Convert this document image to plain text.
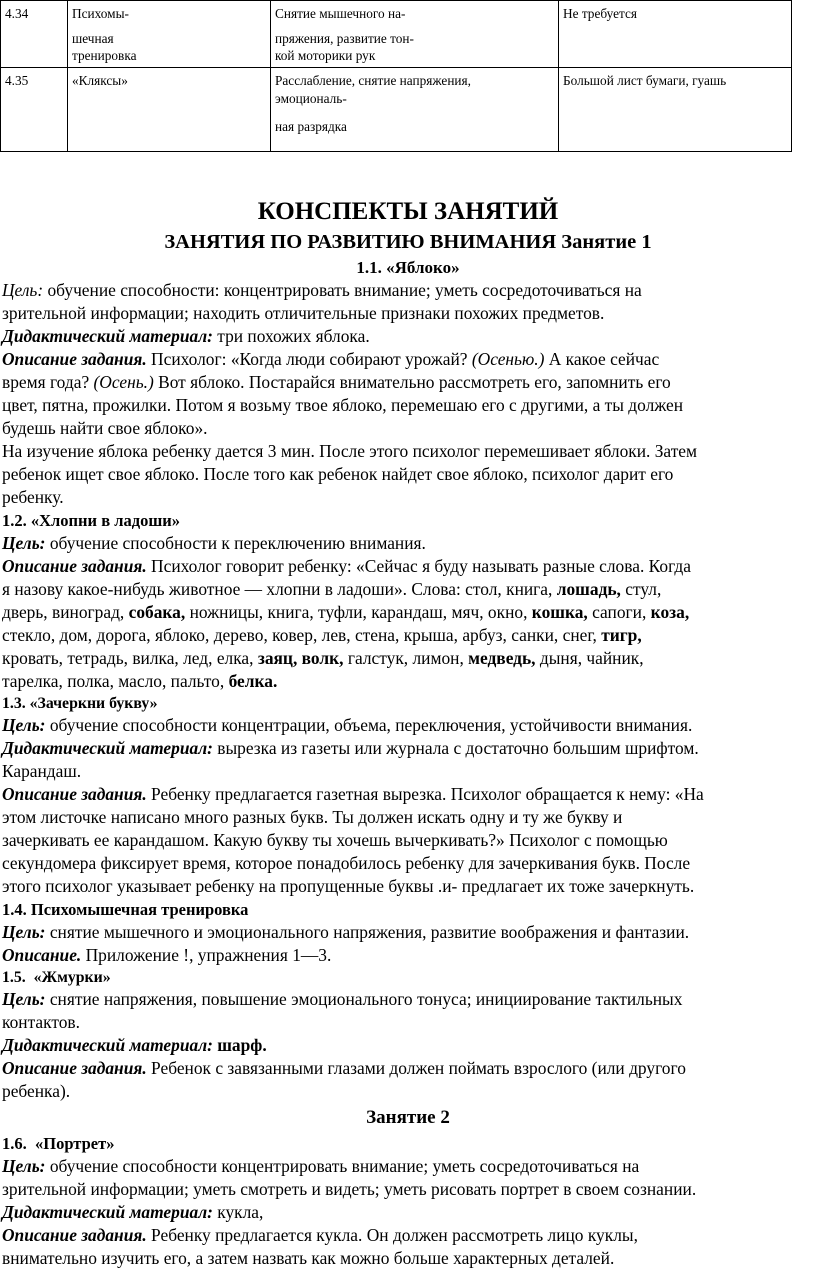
4.34	Психомы-
шечная
тренировка	Снятие мышечного на-
пряжения, развитие тон-
кой моторики рук	Не требуется
4.35	«Кляксы»	Расслабление, снятие напряжения,
эмоциональ-
ная разрядка	Большой лист бумаги, гуашь
КОНСПЕКТЫ ЗАНЯТИЙ
ЗАНЯТИЯ ПО РАЗВИТИЮ ВНИМАНИЯ Занятие 1
1.1. «Яблоко»
Цель: обучение способности: концентрировать внимание; уметь сосредоточиваться на
зрительной информации; находить отличительные признаки похожих предметов.
Дидактический материал: три похожих яблока.
Описание задания. Психолог: «Когда люди собирают урожай? (Осенью.) А какое сейчас
время года? (Осень.) Вот яблоко. Постарайся внимательно рассмотреть его, запомнить его
цвет, пятна, прожилки. Потом я возьму твое яблоко, перемешаю его с другими, а ты должен
будешь найти свое яблоко».
На изучение яблока ребенку дается 3 мин. После этого психолог перемешивает яблоки. Затем
ребенок ищет свое яблоко. После того как ребенок найдет свое яблоко, психолог дарит его
ребенку.
1.2. «Хлопни в ладоши»
Цель: обучение способности к переключению внимания.
Описание задания. Психолог говорит ребенку: «Сейчас я буду называть разные слова. Когда
я назову какое-нибудь животное — хлопни в ладоши». Слова: стол, книга, лошадь, стул,
дверь, виноград, собака, ножницы, книга, туфли, карандаш, мяч, окно, кошка, сапоги, коза,
стекло, дом, дорога, яблоко, дерево, ковер, лев, стена, крыша, арбуз, санки, снег, тигр,
кровать, тетрадь, вилка, лед, елка, заяц, волк, галстук, лимон, медведь, дыня, чайник,
тарелка, полка, масло, пальто, белка.
1.3. «Зачеркни букву»
Цель: обучение способности концентрации, объема, переключения, устойчивости внимания.
Дидактический материал: вырезка из газеты или журнала с достаточно большим шрифтом.
Карандаш.
Описание задания. Ребенку предлагается газетная вырезка. Психолог обращается к нему: «На
этом листочке написано много разных букв. Ты должен искать одну и ту же букву и
зачеркивать ее карандашом. Какую букву ты хочешь вычеркивать?» Психолог с помощью
секундомера фиксирует время, которое понадобилось ребенку для зачеркивания букв. После
этого психолог указывает ребенку на пропущенные буквы .и- предлагает их тоже зачеркнуть.
1.4. Психомышечная тренировка
Цель: снятие мышечного и эмоционального напряжения, развитие воображения и фантазии.
Описание. Приложение !, упражнения 1—3.
1.5.  «Жмурки»
Цель: снятие напряжения, повышение эмоционального тонуса; инициирование тактильных
контактов.
Дидактический материал: шарф.
Описание задания. Ребенок с завязанными глазами должен поймать взрослого (или другого
ребенка).
Занятие 2
1.6.  «Портрет»
Цель: обучение способности концентрировать внимание; уметь сосредоточиваться на
зрительной информации; уметь смотреть и видеть; уметь рисовать портрет в своем сознании.
Дидактический материал: кукла,
Описание задания. Ребенку предлагается кукла. Он должен рассмотреть лицо куклы,
внимательно изучить его, а затем назвать как можно больше характерных деталей.
